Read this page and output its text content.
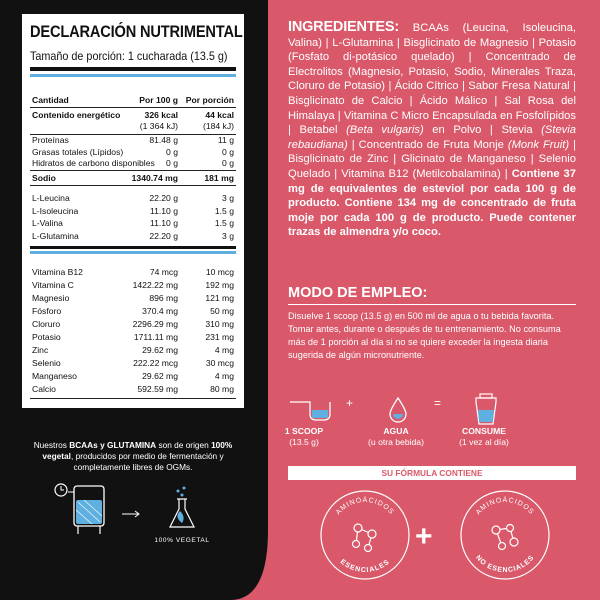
DECLARACIÓN NUTRIMENTAL
Tamaño de porción: 1 cucharada (13.5 g)
Cantidad	Por 100 g Por porción
Contenido energético	326 kcal	44 kcal
(1 364 kJ)	(184 kJ)
Proteínas	81.48 g	11 g
Grasas totales (Lípidos)	0 g	0 g
Hidratos de carbono disponibles 0 g	0 g
Sodio	1340.74 mg	181 mg
L-Leucina	22.20 g	3 g
L-Isoleucina	11.10 g	1.5 g
L-Valina	11.10 g	1.5 g
L-Glutamina	22.20 g	3 g
Vitamina B12	74 mcg	10 mcg
Vitamina C	1422.22 mg	192 mg
Magnesio	896 mg	121 mg
Fósforo	370.4 mg	50 mg
Cloruro	2296.29 mg	310 mg
Potasio	1711.11 mg	231 mg
Zinc	29.62 mg	4 mg
Selenio	222.22 mcg	30 mcg
Manganeso	29.62 mg	4 mg
Calcio	592.59 mg	80 mg
Nuestros BCAAs y GLUTAMINA son de origen 100% vegetal, producidos por medio de fermentación y completamente libres de OGMs.
100% VEGETAL
INGREDIENTES: BCAAs (Leucina, Isoleucina, Valina) | L-Glutamina | Bisglicinato de Magnesio | Potasio (Fosfato di-potásico quelado) | Concentrado de Electrolitos (Magnesio, Potasio, Sodio, Minerales Traza, Cloruro de Potasio) | Ácido Cítrico | Sabor Fresa Natural | Bisglicinato de Calcio | Ácido Málico | Sal Rosa del Himalaya | Vitamina C Micro Encapsulada en Fosfolípidos | Betabel (Beta vulgaris) en Polvo | Stevia (Stevia rebaudiana) | Concentrado de Fruta Monje (Monk Fruit) | Bisglicinato de Zinc | Glicinato de Manganeso | Selenio Quelado | Vitamina B12 (Metilcobalamina) | Contiene 37 mg de equivalentes de esteviol por cada 100 g de producto. Contiene 134 mg de concentrado de fruta moje por cada 100 g de producto. Puede contener trazas de almendra y/o coco.
MODO DE EMPLEO:
Disuelve 1 scoop (13.5 g) en 500 ml de agua o tu bebida favorita. Tomar antes, durante o después de tu entrenamiento. No consuma más de 1 porción al día si no se quiere exceder la ingesta diaria sugerida de algún micronutriente.
+	=
1 SCOOP
(13.5 g)
AGUA
(u otra bebida)
CONSUME
(1 vez al día)
SU FÓRMULA CONTIENE
AMINOÁCIDOS
ESENCIALES
+
AMINOÁCIDOS
NO ESENCIALES
